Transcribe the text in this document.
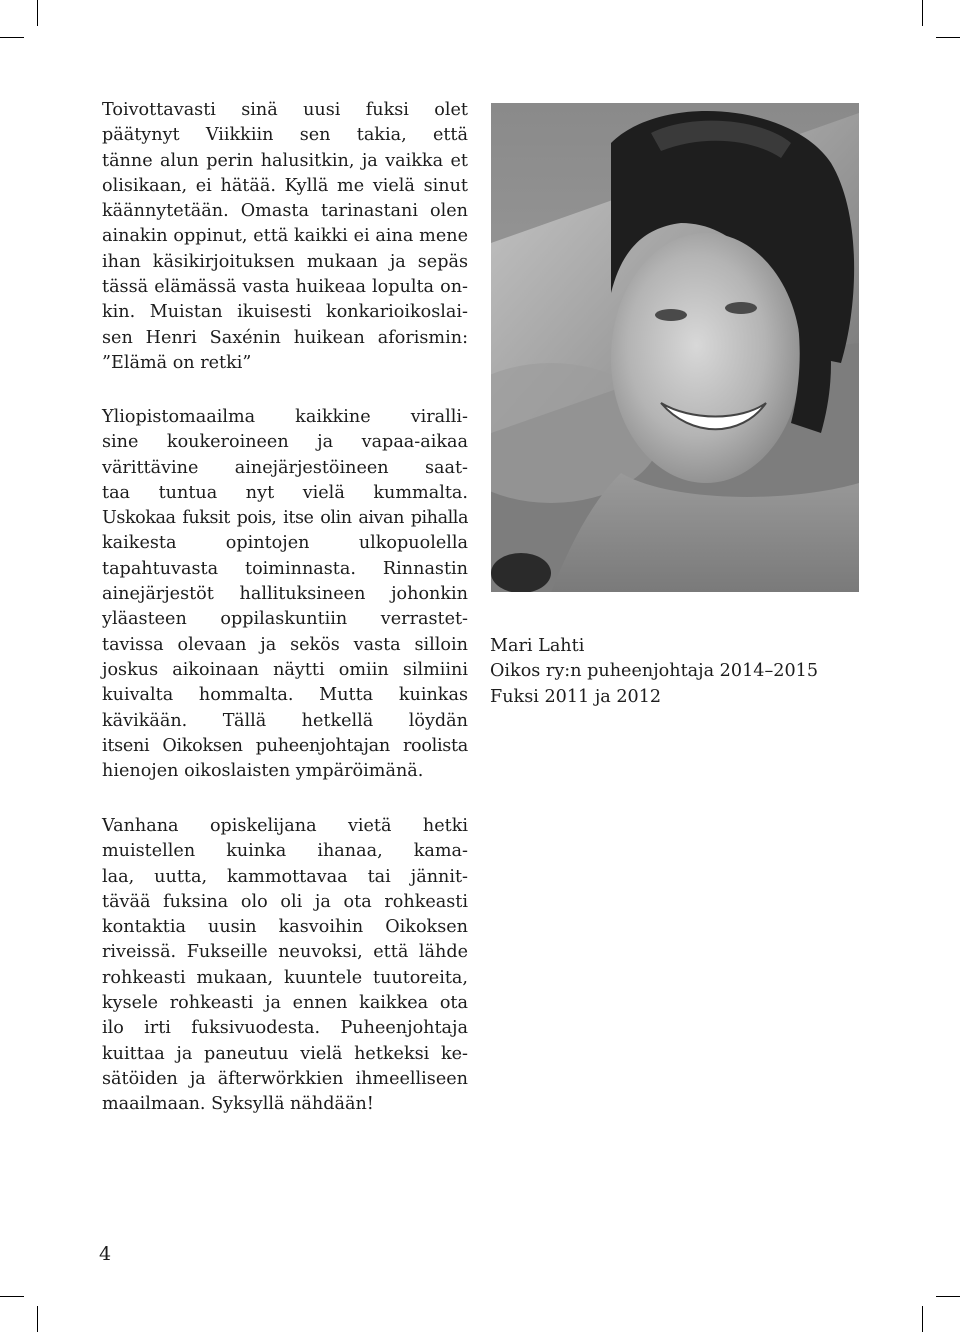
Toivottavasti sinä uusi fuksi olet
päätynyt Viikkiin sen takia, että
tänne alun perin halusitkin, ja vaikka et
olisikaan, ei hätää. Kyllä me vielä sinut
käännytetään. Omasta tarinastani olen
ainakin oppinut, että kaikki ei aina mene
ihan käsikirjoituksen mukaan ja sepäs
tässä elämässä vasta huikeaa lopulta on-
kin. Muistan ikuisesti konkarioikoslai-
sen Henri Saxénin huikean aforismin:
”Elämä on retki”

Yliopistomaailma kaikkine viralli-
sine koukeroineen ja vapaa-aikaa
värittävine ainejärjestöineen saat-
taa tuntua nyt vielä kummalta.
Uskokaa fuksit pois, itse olin aivan pihalla
kaikesta opintojen ulkopuolella
tapahtuvasta toiminnasta. Rinnastin
ainejärjestöt hallituksineen johonkin
yläasteen oppilaskuntiin verrastet-
tavissa olevaan ja sekös vasta silloin
joskus aikoinaan näytti omiin silmiini
kuivalta hommalta. Mutta kuinkas
kävikään. Tällä hetkellä löydän
itseni Oikoksen puheenjohtajan roolista
hienojen oikoslaisten ympäröimänä.

Vanhana opiskelijana vietä hetki
muistellen kuinka ihanaa, kama-
laa, uutta, kammottavaa tai jännit-
tävää fuksina olo oli ja ota rohkeasti
kontaktia uusin kasvoihin Oikoksen
riveissä. Fukseille neuvoksi, että lähde
rohkeasti mukaan, kuuntele tuutoreita,
kysele rohkeasti ja ennen kaikkea ota
ilo irti fuksivuodesta. Puheenjohtaja
kuittaa ja paneutuu vielä hetkeksi ke-
sätöiden ja äfterwörkkien ihmeelliseen
maailmaan. Syksyllä nähdään!

Mari Lahti
Oikos ry:n puheenjohtaja 2014–2015
Fuksi 2011 ja 2012
4
